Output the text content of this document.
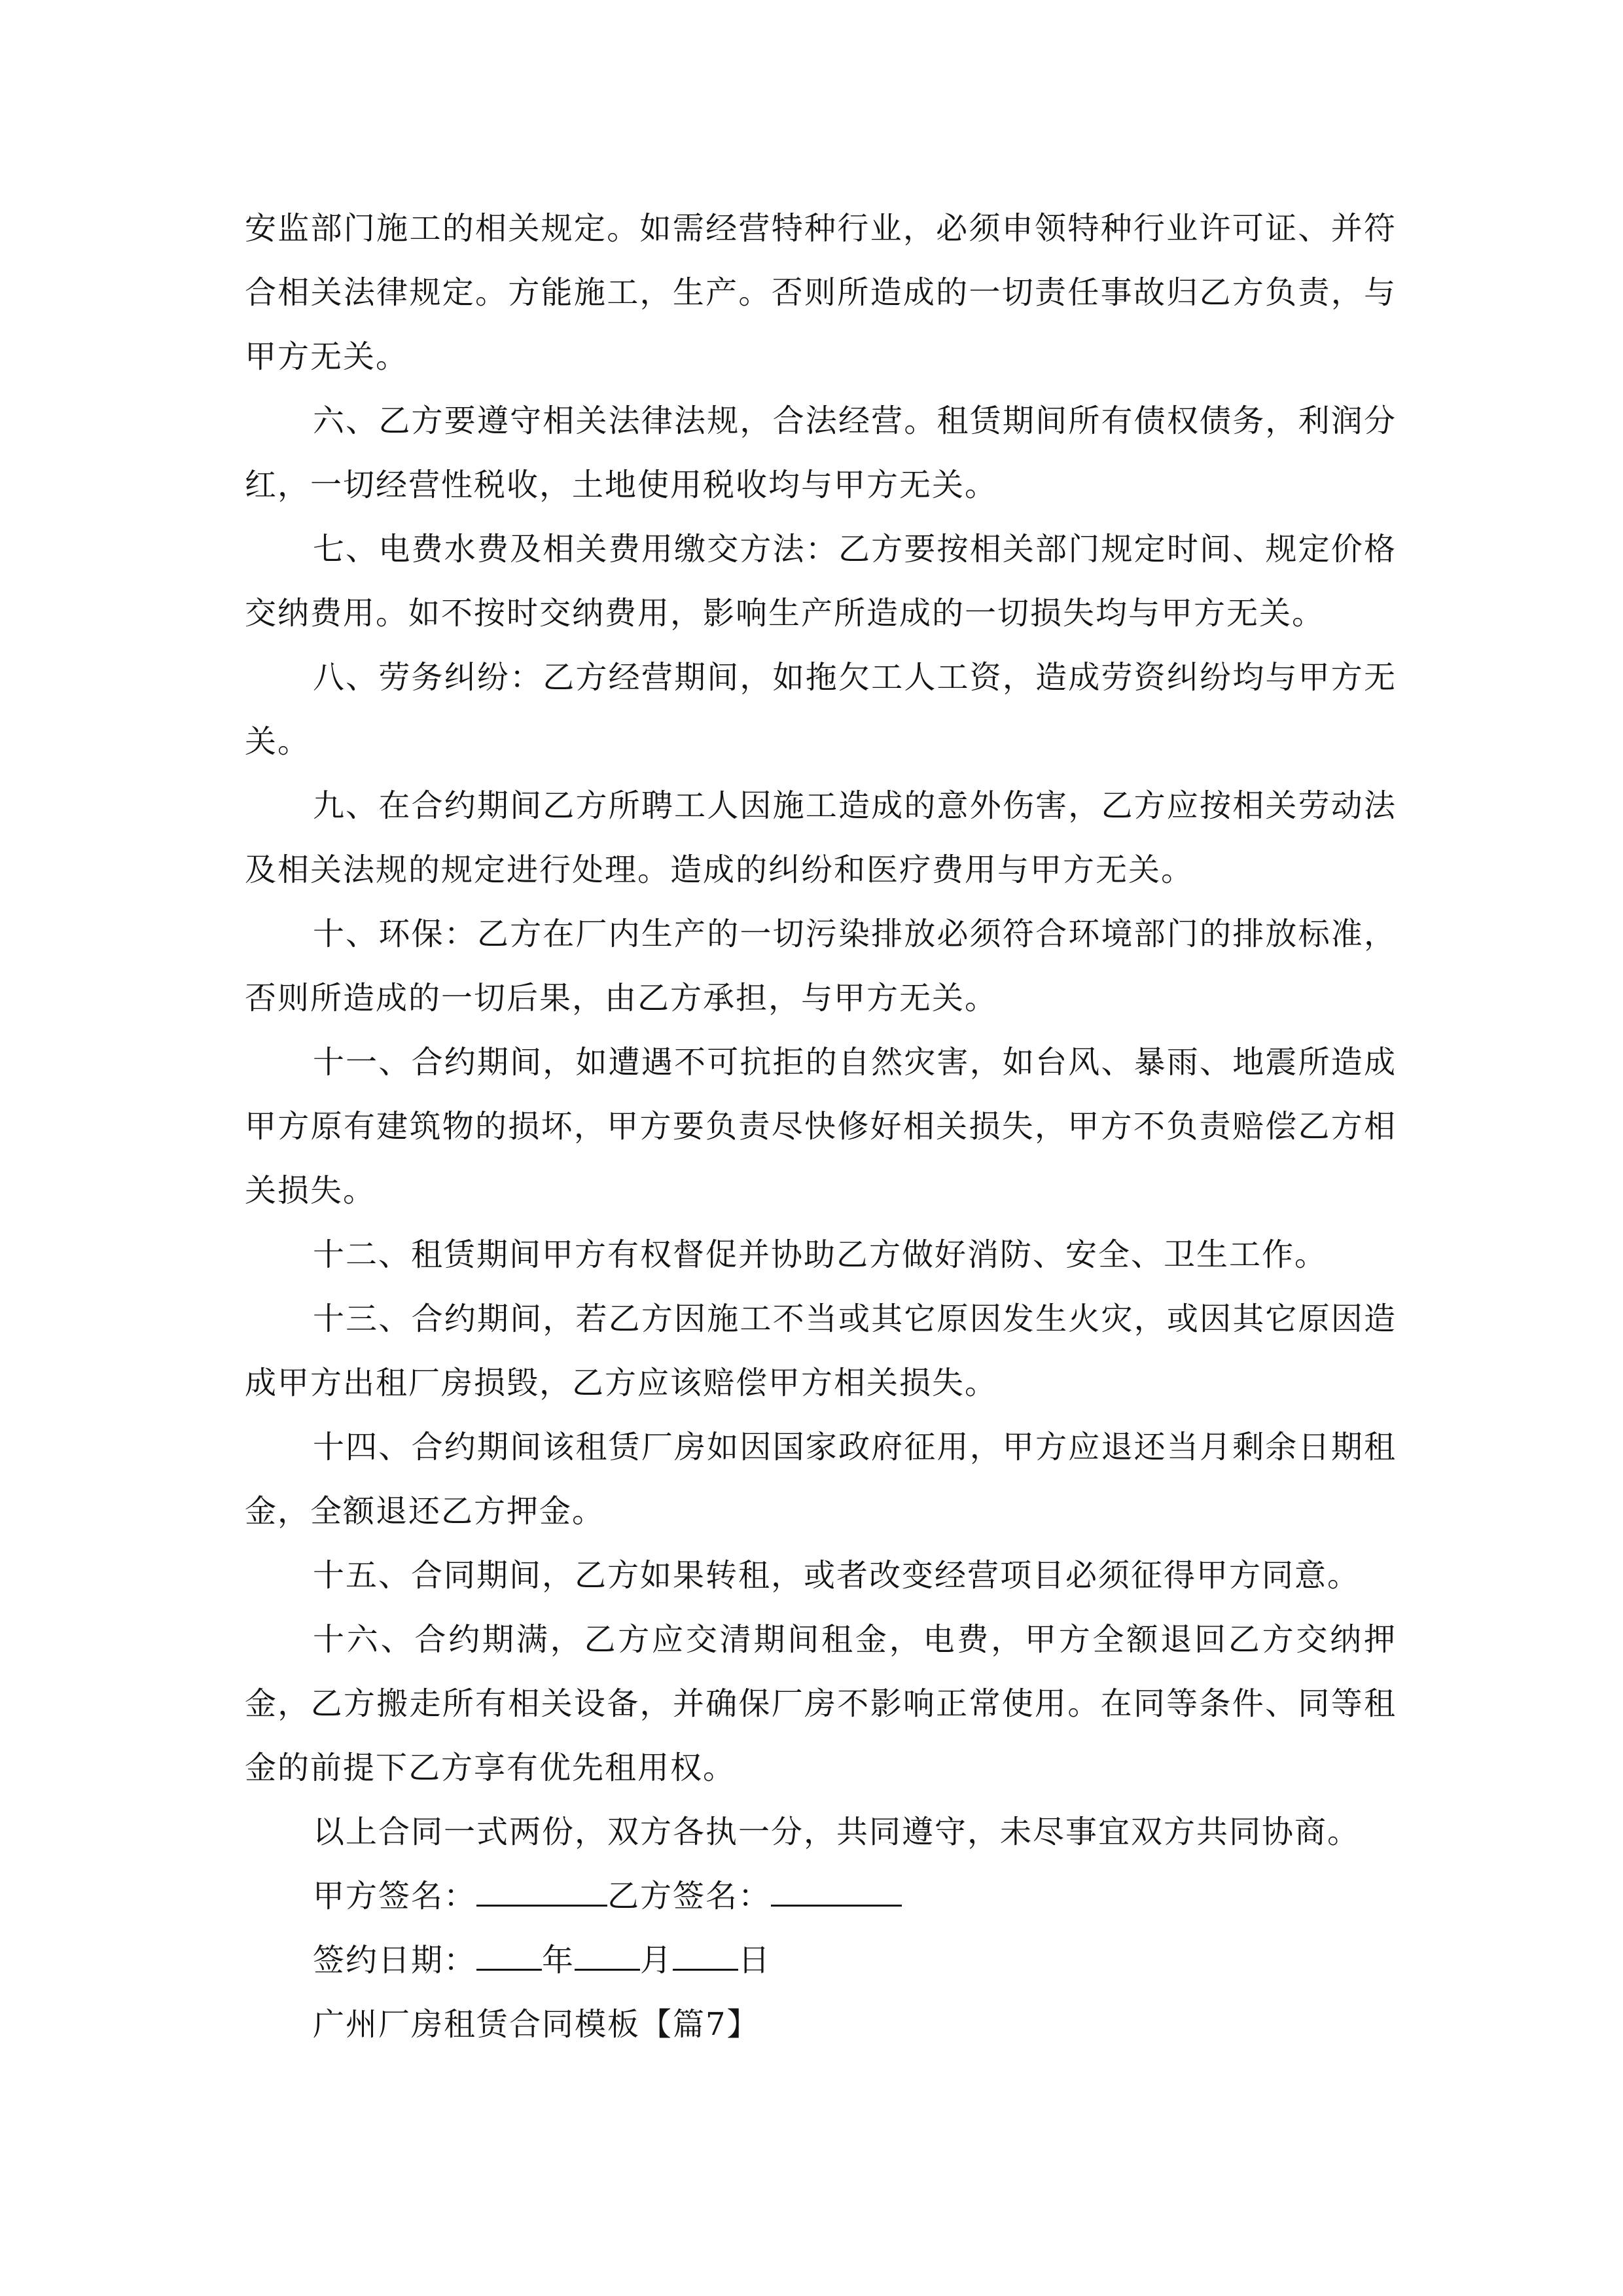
安监部门施工的相关规定。如需经营特种行业，必须申领特种行业许可证、并符合相关法律规定。方能施工，生产。否则所造成的一切责任事故归乙方负责，与甲方无关。

六、乙方要遵守相关法律法规，合法经营。租赁期间所有债权债务，利润分红，一切经营性税收，土地使用税收均与甲方无关。

七、电费水费及相关费用缴交方法：乙方要按相关部门规定时间、规定价格交纳费用。如不按时交纳费用，影响生产所造成的一切损失均与甲方无关。

八、劳务纠纷：乙方经营期间，如拖欠工人工资，造成劳资纠纷均与甲方无关。

九、在合约期间乙方所聘工人因施工造成的意外伤害，乙方应按相关劳动法及相关法规的规定进行处理。造成的纠纷和医疗费用与甲方无关。

十、环保：乙方在厂内生产的一切污染排放必须符合环境部门的排放标准，否则所造成的一切后果，由乙方承担，与甲方无关。

十一、合约期间，如遭遇不可抗拒的自然灾害，如台风、暴雨、地震所造成甲方原有建筑物的损坏，甲方要负责尽快修好相关损失，甲方不负责赔偿乙方相关损失。

十二、租赁期间甲方有权督促并协助乙方做好消防、安全、卫生工作。

十三、合约期间，若乙方因施工不当或其它原因发生火灾，或因其它原因造成甲方出租厂房损毁，乙方应该赔偿甲方相关损失。

十四、合约期间该租赁厂房如因国家政府征用，甲方应退还当月剩余日期租金，全额退还乙方押金。

十五、合同期间，乙方如果转租，或者改变经营项目必须征得甲方同意。

十六、合约期满，乙方应交清期间租金，电费，甲方全额退回乙方交纳押金，乙方搬走所有相关设备，并确保厂房不影响正常使用。在同等条件、同等租金的前提下乙方享有优先租用权。

以上合同一式两份，双方各执一分，共同遵守，未尽事宜双方共同协商。

甲方签名：	乙方签名：

签约日期： 年 月 日

广州厂房租赁合同模板【篇7】
